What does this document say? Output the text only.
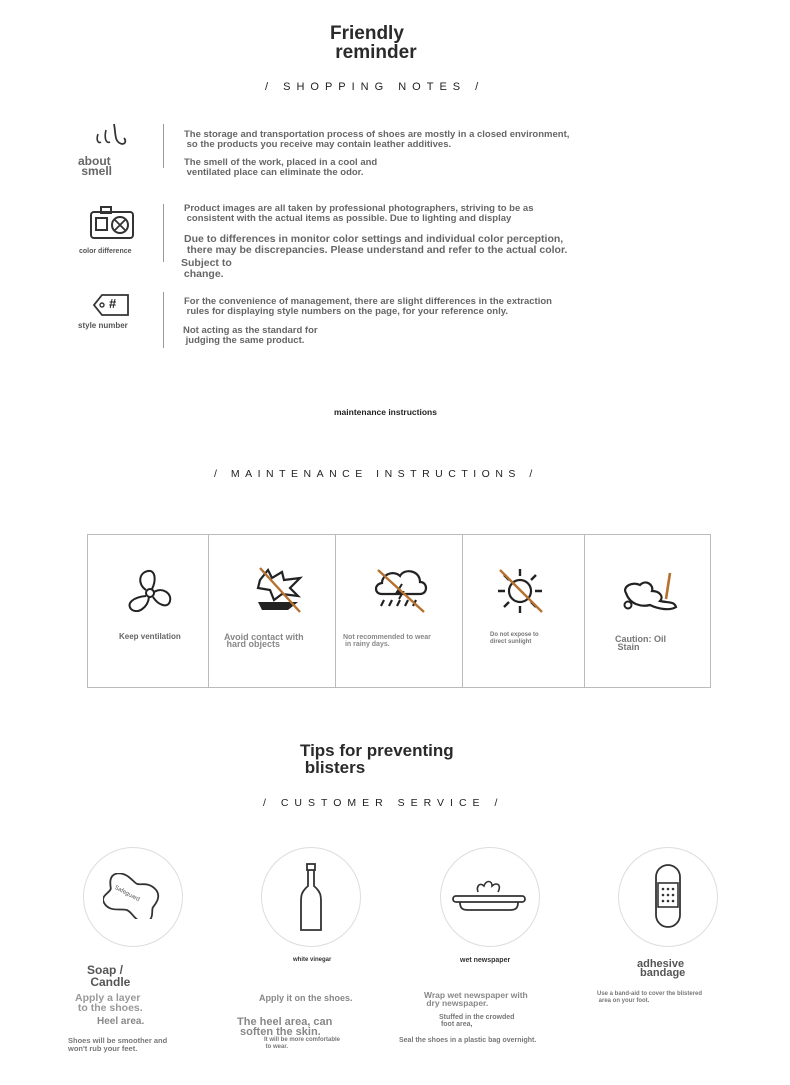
Friendly
reminder
/ SHOPPING NOTES /
about
smell
The storage and transportation process of shoes are mostly in a closed environment,
so the products you receive may contain leather additives.
The smell of the work, placed in a cool and
ventilated place can eliminate the odor.
color difference
Product images are all taken by professional photographers, striving to be as
consistent with the actual items as possible. Due to lighting and display
Due to differences in monitor color settings and individual color perception,
there may be discrepancies. Please understand and refer to the actual color.
Subject to
change.
#
style number
For the convenience of management, there are slight differences in the extraction
rules for displaying style numbers on the page, for your reference only.
Not acting as the standard for
judging the same product.
maintenance instructions
/ MAINTENANCE INSTRUCTIONS /
Keep ventilation	Avoid contact with
hard objects
Not recommended to wear
in rainy days.
Do not expose to
direct sunlight	Caution: Oil
Stain
Tips for preventing
blisters
/ CUSTOMER SERVICE /
Safeguard
Soap /
Candle
Apply a layer
to the shoes.
Heel area.
Shoes will be smoother and
won't rub your feet.
white vinegar
Apply it on the shoes.
The heel area, can
soften the skin.
It will be more comfortable
to wear.
wet newspaper
Wrap wet newspaper with
dry newspaper.
Stuffed in the crowded
foot area,
Seal the shoes in a plastic bag overnight.
adhesive
bandage
Use a band-aid to cover the blistered
area on your foot.
